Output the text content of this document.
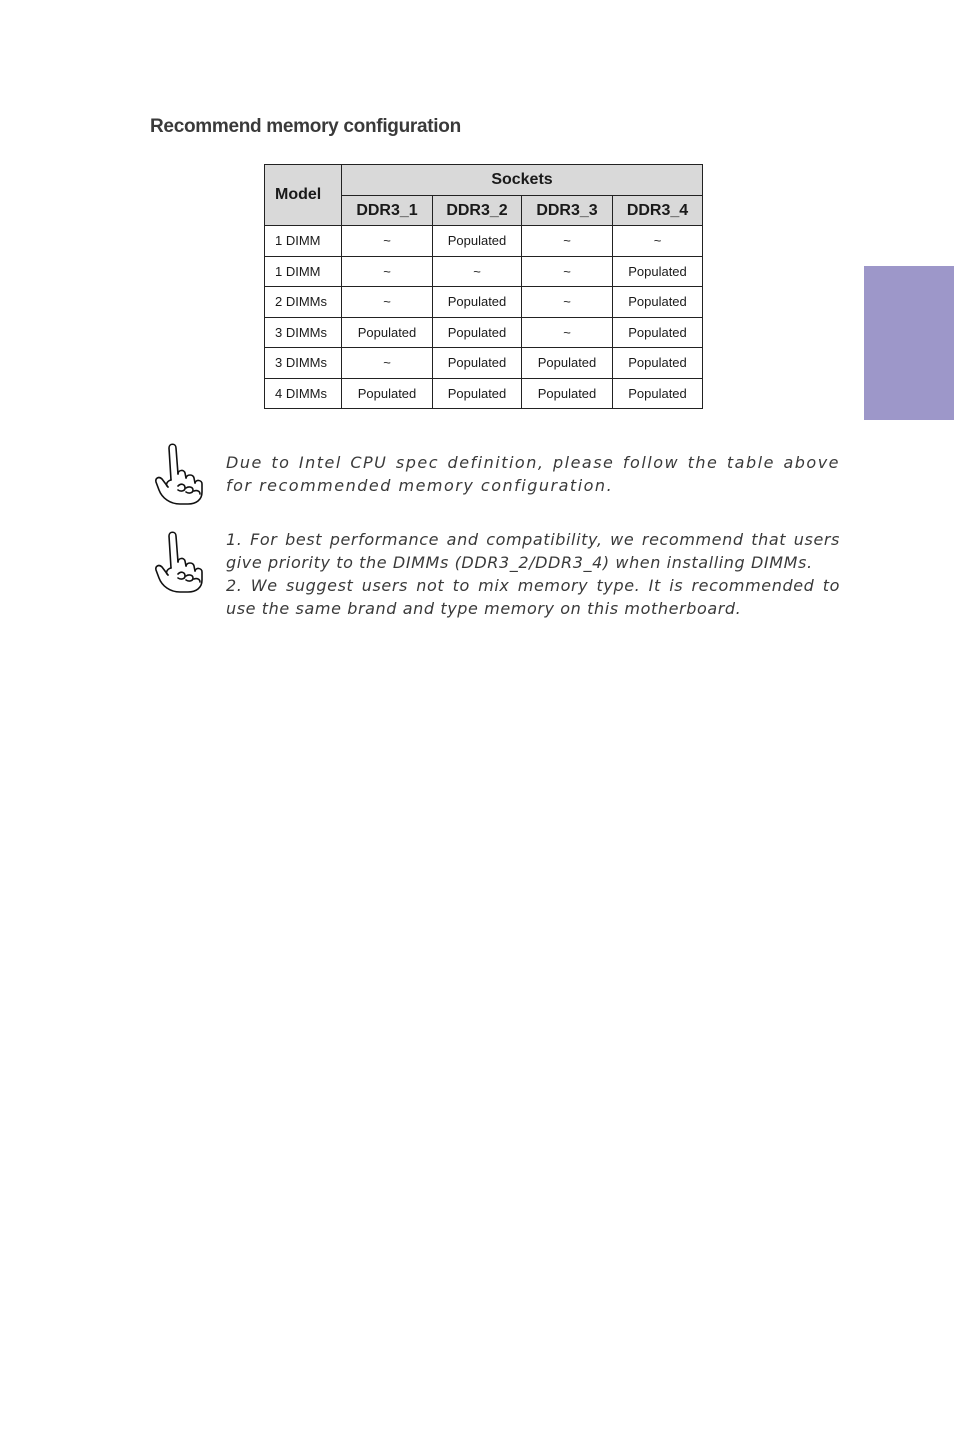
Recommend memory configuration
Model	Sockets			
	DDR3_1	DDR3_2	DDR3_3	DDR3_4
1 DIMM	~	Populated	~	~
1 DIMM	~	~	~	Populated
2 DIMMs	~	Populated	~	Populated
3 DIMMs	Populated	Populated	~	Populated
3 DIMMs	~	Populated	Populated	Populated
4 DIMMs	Populated	Populated	Populated	Populated

Due to Intel CPU spec definition, please follow the table above for recommended memory configuration.

1. For best performance and compatibility, we recommend that users give priority to the DIMMs (DDR3_2/DDR3_4) when installing DIMMs.

2. We suggest users not to mix memory type. It is recommended to use the same brand and type memory on this motherboard.
